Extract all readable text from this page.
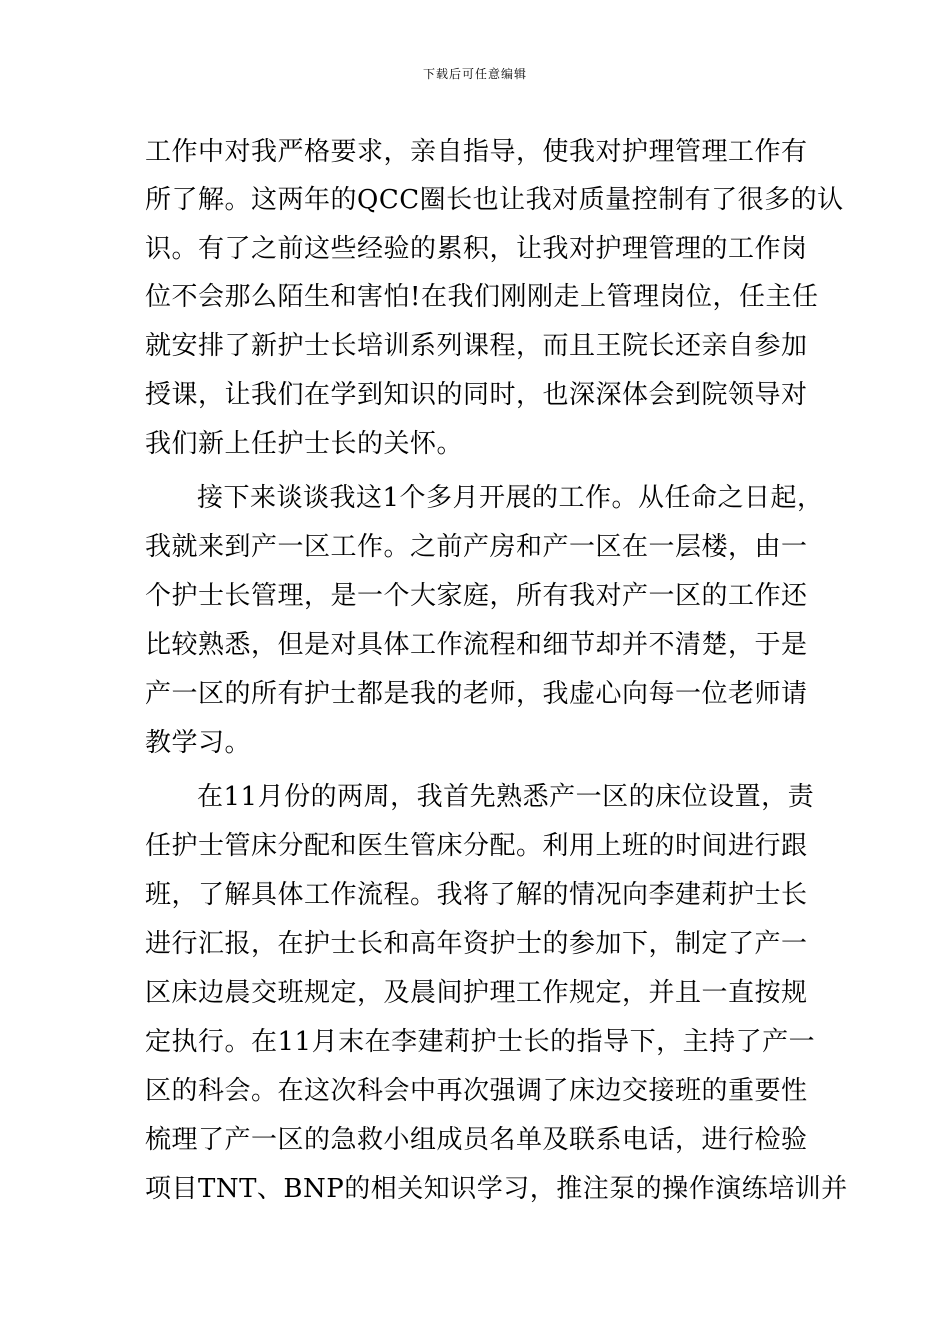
下载后可任意编辑
工作中对我严格要求，亲自指导，使我对护理管理工作有
所了解。这两年的QCC圈长也让我对质量控制有了很多的认
识。有了之前这些经验的累积，让我对护理管理的工作岗
位不会那么陌生和害怕!在我们刚刚走上管理岗位，任主任
就安排了新护士长培训系列课程，而且王院长还亲自参加
授课，让我们在学到知识的同时，也深深体会到院领导对
我们新上任护士长的关怀。
接下来谈谈我这1个多月开展的工作。从任命之日起，
我就来到产一区工作。之前产房和产一区在一层楼，由一
个护士长管理，是一个大家庭，所有我对产一区的工作还
比较熟悉，但是对具体工作流程和细节却并不清楚，于是
产一区的所有护士都是我的老师，我虚心向每一位老师请
教学习。
在11月份的两周，我首先熟悉产一区的床位设置，责
任护士管床分配和医生管床分配。利用上班的时间进行跟
班，了解具体工作流程。我将了解的情况向李建莉护士长
进行汇报，在护士长和高年资护士的参加下，制定了产一
区床边晨交班规定，及晨间护理工作规定，并且一直按规
定执行。在11月末在李建莉护士长的指导下，主持了产一
区的科会。在这次科会中再次强调了床边交接班的重要性
梳理了产一区的急救小组成员名单及联系电话，进行检验
项目TNT、BNP的相关知识学习，推注泵的操作演练培训并
